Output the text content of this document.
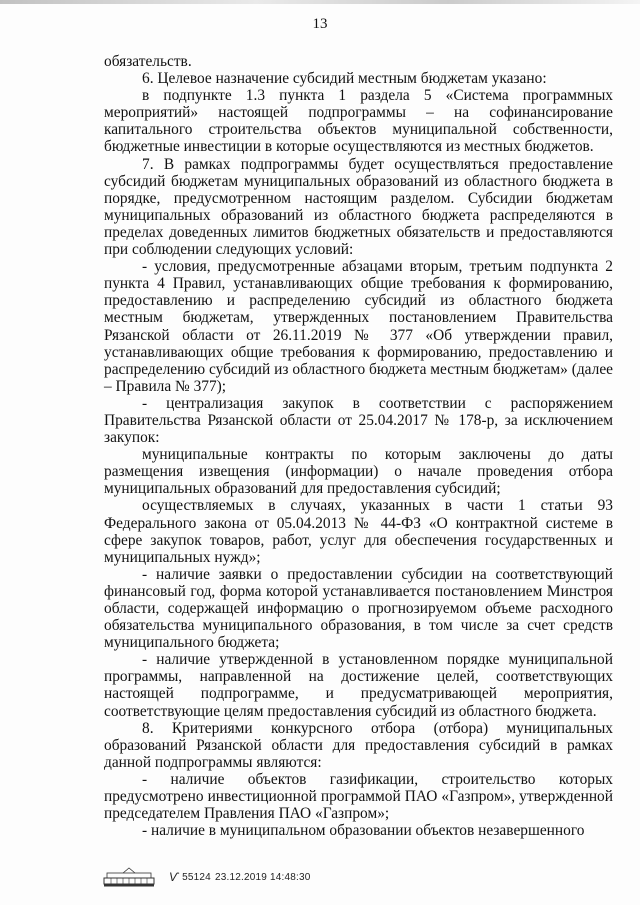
13

обязательств.

6. Целевое назначение субсидий местным бюджетам указано:

в подпункте 1.3 пункта 1 раздела 5 «Система программных мероприятий» настоящей подпрограммы – на софинансирование капитального строительства объектов муниципальной собственности, бюджетные инвестиции в которые осуществляются из местных бюджетов.

7. В рамках подпрограммы будет осуществляться предоставление субсидий бюджетам муниципальных образований из областного бюджета в порядке, предусмотренном настоящим разделом. Субсидии бюджетам муниципальных образований из областного бюджета распределяются в пределах доведенных лимитов бюджетных обязательств и предоставляются при соблюдении следующих условий:

- условия, предусмотренные абзацами вторым, третьим подпункта 2 пункта 4 Правил, устанавливающих общие требования к формированию, предоставлению и распределению субсидий из областного бюджета местным бюджетам, утвержденных постановлением Правительства Рязанской области от 26.11.2019 № 377 «Об утверждении правил, устанавливающих общие требования к формированию, предоставлению и распределению субсидий из областного бюджета местным бюджетам» (далее – Правила № 377);

- централизация закупок в соответствии с распоряжением Правительства Рязанской области от 25.04.2017 № 178-р, за исключением закупок:

муниципальные контракты по которым заключены до даты размещения извещения (информации) о начале проведения отбора муниципальных образований для предоставления субсидий;

осуществляемых в случаях, указанных в части 1 статьи 93 Федерального закона от 05.04.2013 № 44-ФЗ «О контрактной системе в сфере закупок товаров, работ, услуг для обеспечения государственных и муниципальных нужд»;

- наличие заявки о предоставлении субсидии на соответствующий финансовый год, форма которой устанавливается постановлением Минстроя области, содержащей информацию о прогнозируемом объеме расходного обязательства муниципального образования, в том числе за счет средств муниципального бюджета;

- наличие утвержденной в установленном порядке муниципальной программы, направленной на достижение целей, соответствующих настоящей подпрограмме, и предусматривающей мероприятия, соответствующие целям предоставления субсидий из областного бюджета.

8. Критериями конкурсного отбора (отбора) муниципальных образований Рязанской области для предоставления субсидий в рамках данной подпрограммы являются:

- наличие объектов газификации, строительство которых предусмотрено инвестиционной программой ПАО «Газпром», утвержденной председателем Правления ПАО «Газпром»;

- наличие в муниципальном образовании объектов незавершенного

Ѵ 55124 23.12.2019 14:48:30
